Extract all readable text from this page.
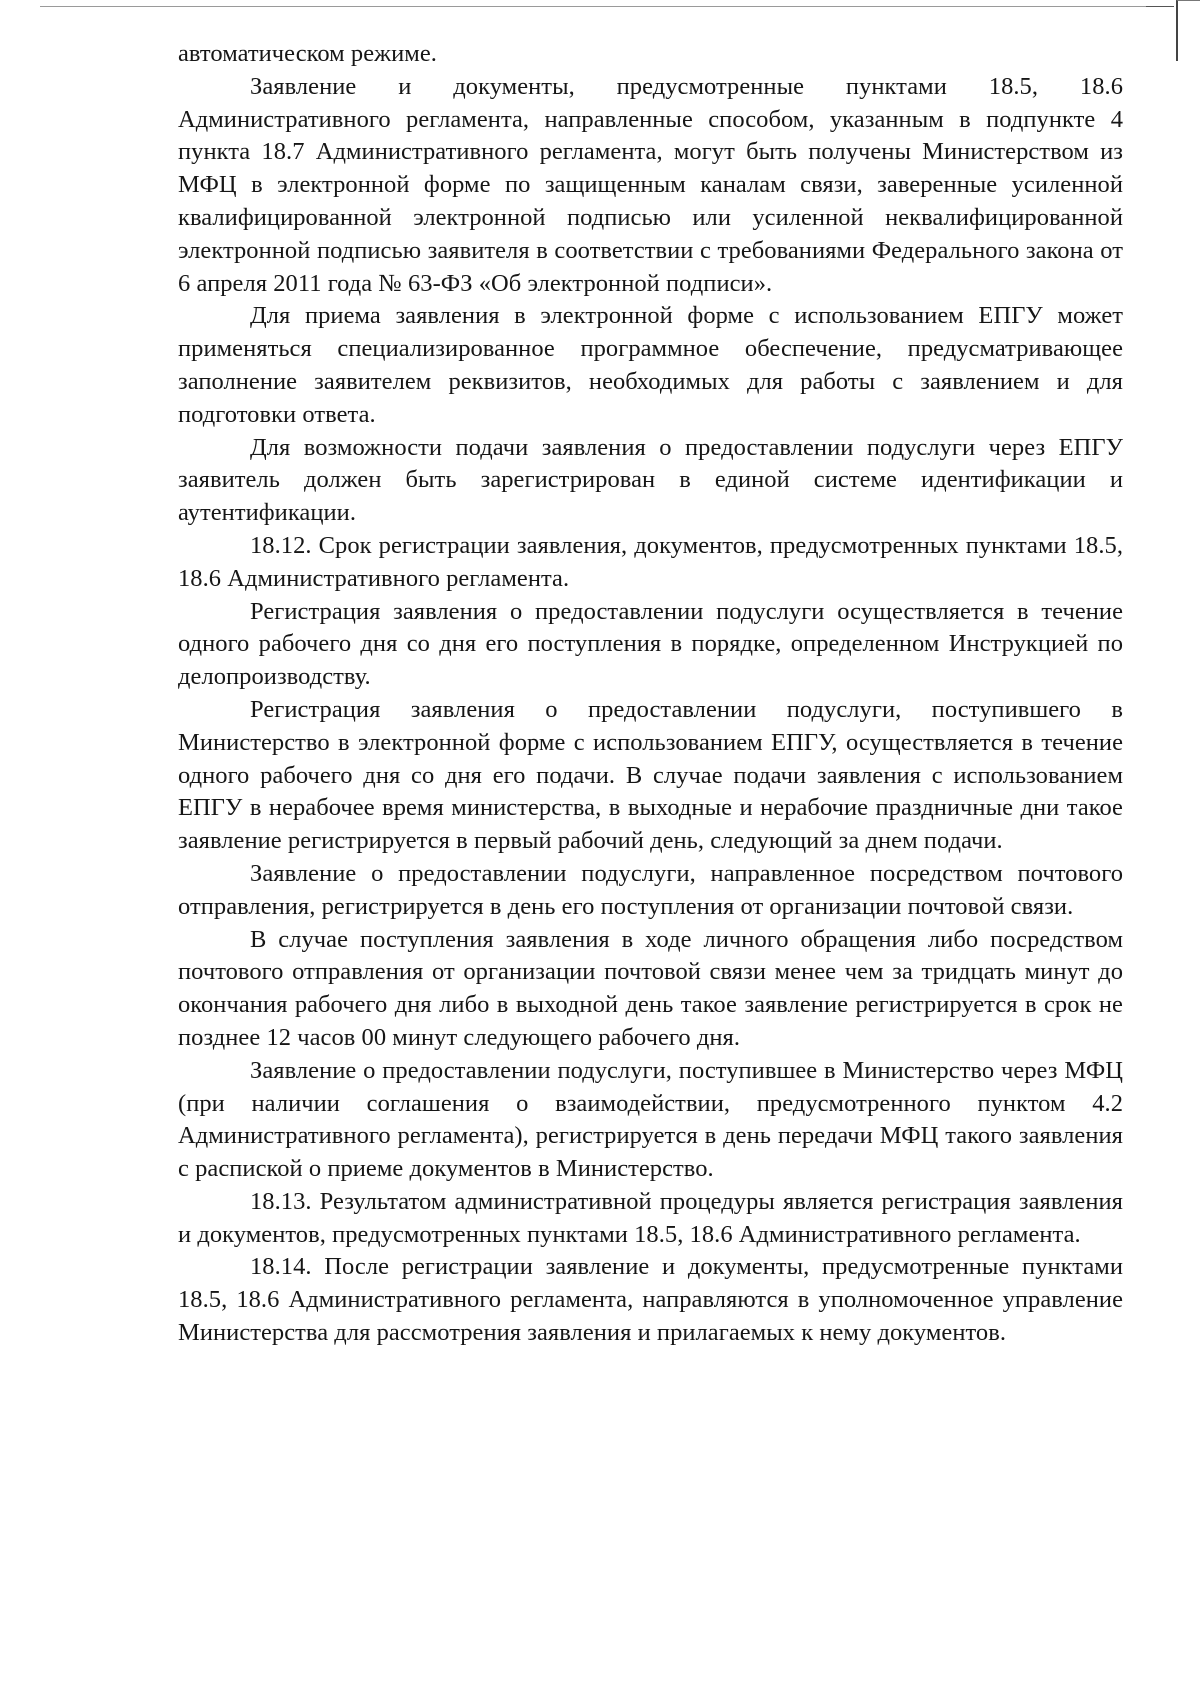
автоматическом режиме.

Заявление и документы, предусмотренные пунктами 18.5, 18.6 Административного регламента, направленные способом, указанным в подпункте 4 пункта 18.7 Административного регламента, могут быть получены Министерством из МФЦ в электронной форме по защищенным каналам связи, заверенные усиленной квалифицированной электронной подписью или усиленной неквалифицированной электронной подписью заявителя в соответствии с требованиями Федерального закона от 6 апреля 2011 года № 63-ФЗ «Об электронной подписи».

Для приема заявления в электронной форме с использованием ЕПГУ может применяться специализированное программное обеспечение, предусматривающее заполнение заявителем реквизитов, необходимых для работы с заявлением и для подготовки ответа.

Для возможности подачи заявления о предоставлении подуслуги через ЕПГУ заявитель должен быть зарегистрирован в единой системе идентификации и аутентификации.

18.12. Срок регистрации заявления, документов, предусмотренных пунктами 18.5, 18.6 Административного регламента.

Регистрация заявления о предоставлении подуслуги осуществляется в течение одного рабочего дня со дня его поступления в порядке, определенном Инструкцией по делопроизводству.

Регистрация заявления о предоставлении подуслуги, поступившего в Министерство в электронной форме с использованием ЕПГУ, осуществляется в течение одного рабочего дня со дня его подачи. В случае подачи заявления с использованием ЕПГУ в нерабочее время министерства, в выходные и нерабочие праздничные дни такое заявление регистрируется в первый рабочий день, следующий за днем подачи.

Заявление о предоставлении подуслуги, направленное посредством почтового отправления, регистрируется в день его поступления от организации почтовой связи.

В случае поступления заявления в ходе личного обращения либо посредством почтового отправления от организации почтовой связи менее чем за тридцать минут до окончания рабочего дня либо в выходной день такое заявление регистрируется в срок не позднее 12 часов 00 минут следующего рабочего дня.

Заявление о предоставлении подуслуги, поступившее в Министерство через МФЦ (при наличии соглашения о взаимодействии, предусмотренного пунктом 4.2 Административного регламента), регистрируется в день передачи МФЦ такого заявления с распиской о приеме документов в Министерство.

18.13. Результатом административной процедуры является регистрация заявления и документов, предусмотренных пунктами 18.5, 18.6 Административного регламента.

18.14. После регистрации заявление и документы, предусмотренные пунктами 18.5, 18.6 Административного регламента, направляются в уполномоченное управление Министерства для рассмотрения заявления и прилагаемых к нему документов.
